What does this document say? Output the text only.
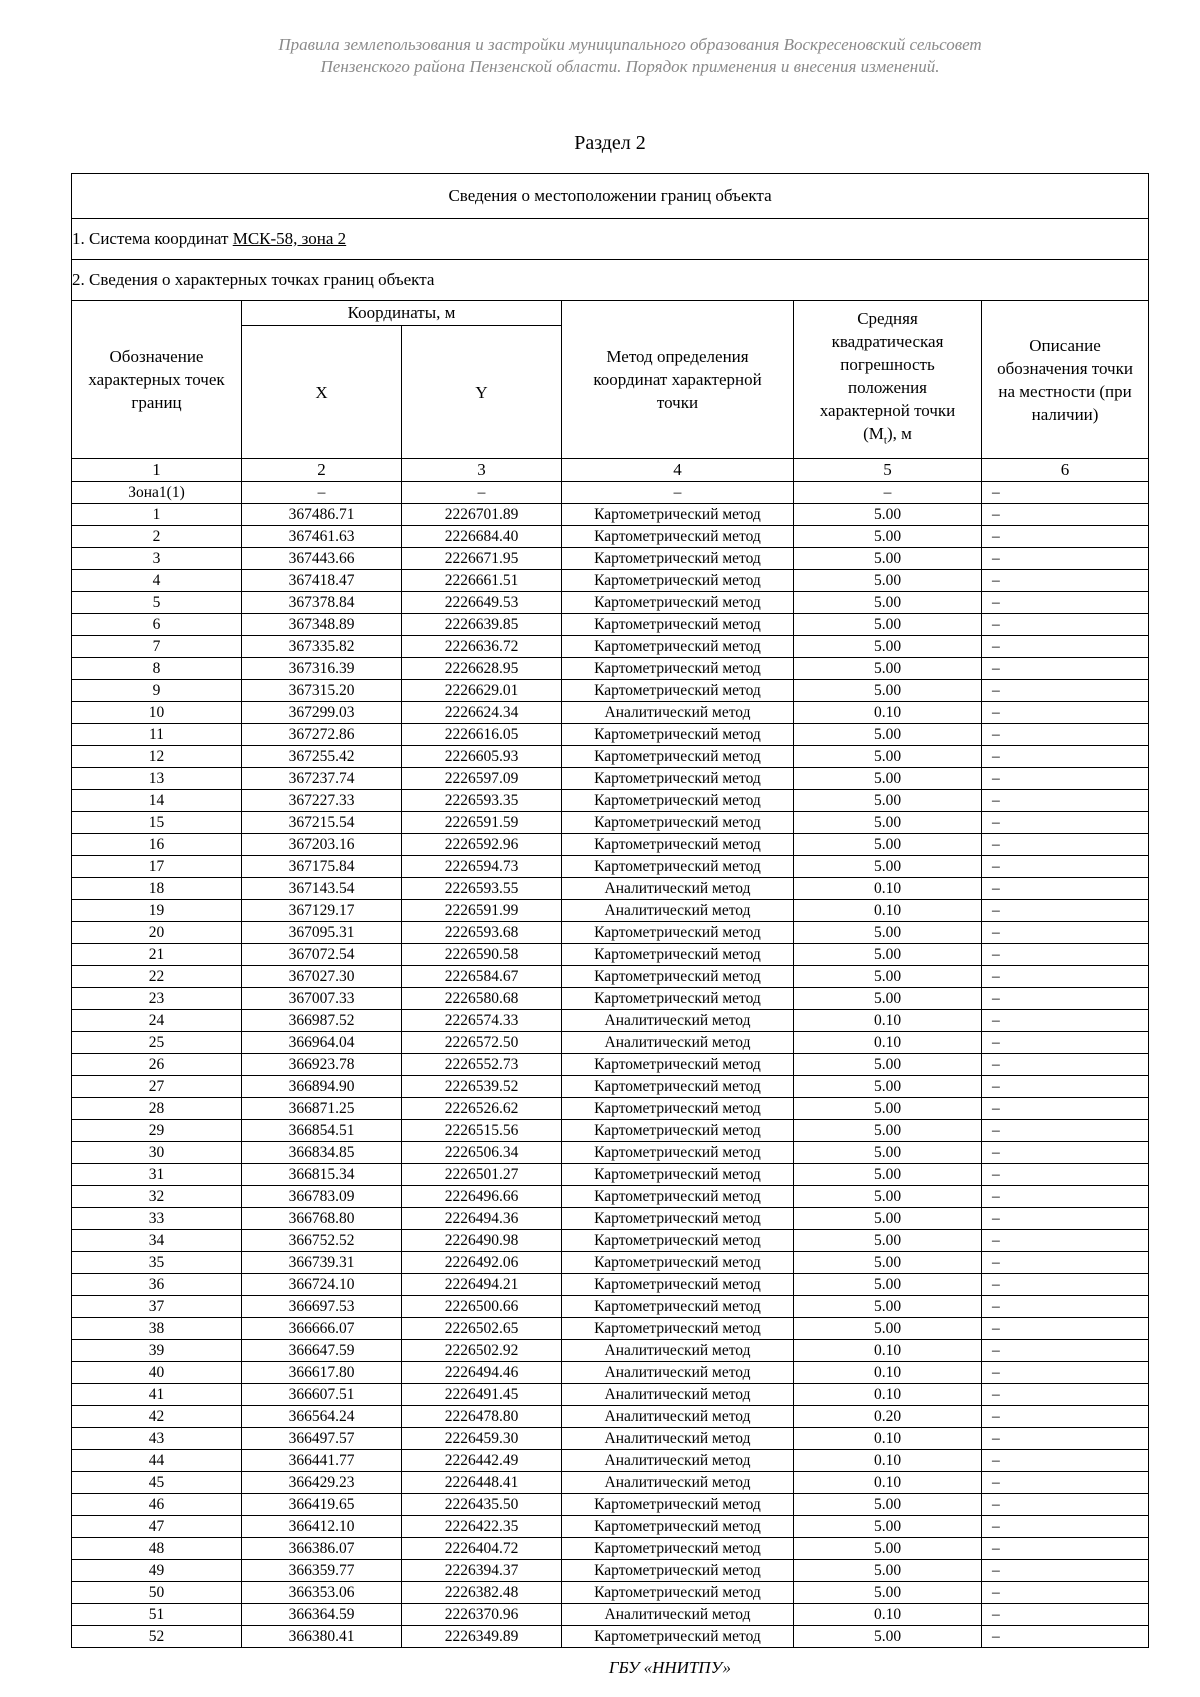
Правила землепользования и застройки муниципального образования Воскресеновский сельсовет
Пензенского района Пензенской области. Порядок применения и внесения изменений.
Раздел 2
Сведения о местоположении границ объекта					
1. Система координат МСК-58, зона 2					
2. Сведения о характерных точках границ объекта					
Обозначение характерных точек границ	Координаты, м		Метод определения координат характерной точки	Средняя квадратическая погрешность положения характерной точки $(M_t)$, м	Описание обозначения точки на местности (при наличии)
	X	Y			
1	2	3	4	5	6
Зона1(1)	–	–	–	–	–
1	367486.71	2226701.89	Картометрический метод	5.00	–
2	367461.63	2226684.40	Картометрический метод	5.00	–
3	367443.66	2226671.95	Картометрический метод	5.00	–
4	367418.47	2226661.51	Картометрический метод	5.00	–
5	367378.84	2226649.53	Картометрический метод	5.00	–
6	367348.89	2226639.85	Картометрический метод	5.00	–
7	367335.82	2226636.72	Картометрический метод	5.00	–
8	367316.39	2226628.95	Картометрический метод	5.00	–
9	367315.20	2226629.01	Картометрический метод	5.00	–
10	367299.03	2226624.34	Аналитический метод	0.10	–
11	367272.86	2226616.05	Картометрический метод	5.00	–
12	367255.42	2226605.93	Картометрический метод	5.00	–
13	367237.74	2226597.09	Картометрический метод	5.00	–
14	367227.33	2226593.35	Картометрический метод	5.00	–
15	367215.54	2226591.59	Картометрический метод	5.00	–
16	367203.16	2226592.96	Картометрический метод	5.00	–
17	367175.84	2226594.73	Картометрический метод	5.00	–
18	367143.54	2226593.55	Аналитический метод	0.10	–
19	367129.17	2226591.99	Аналитический метод	0.10	–
20	367095.31	2226593.68	Картометрический метод	5.00	–
21	367072.54	2226590.58	Картометрический метод	5.00	–
22	367027.30	2226584.67	Картометрический метод	5.00	–
23	367007.33	2226580.68	Картометрический метод	5.00	–
24	366987.52	2226574.33	Аналитический метод	0.10	–
25	366964.04	2226572.50	Аналитический метод	0.10	–
26	366923.78	2226552.73	Картометрический метод	5.00	–
27	366894.90	2226539.52	Картометрический метод	5.00	–
28	366871.25	2226526.62	Картометрический метод	5.00	–
29	366854.51	2226515.56	Картометрический метод	5.00	–
30	366834.85	2226506.34	Картометрический метод	5.00	–
31	366815.34	2226501.27	Картометрический метод	5.00	–
32	366783.09	2226496.66	Картометрический метод	5.00	–
33	366768.80	2226494.36	Картометрический метод	5.00	–
34	366752.52	2226490.98	Картометрический метод	5.00	–
35	366739.31	2226492.06	Картометрический метод	5.00	–
36	366724.10	2226494.21	Картометрический метод	5.00	–
37	366697.53	2226500.66	Картометрический метод	5.00	–
38	366666.07	2226502.65	Картометрический метод	5.00	–
39	366647.59	2226502.92	Аналитический метод	0.10	–
40	366617.80	2226494.46	Аналитический метод	0.10	–
41	366607.51	2226491.45	Аналитический метод	0.10	–
42	366564.24	2226478.80	Аналитический метод	0.20	–
43	366497.57	2226459.30	Аналитический метод	0.10	–
44	366441.77	2226442.49	Аналитический метод	0.10	–
45	366429.23	2226448.41	Аналитический метод	0.10	–
46	366419.65	2226435.50	Картометрический метод	5.00	–
47	366412.10	2226422.35	Картометрический метод	5.00	–
48	366386.07	2226404.72	Картометрический метод	5.00	–
49	366359.77	2226394.37	Картометрический метод	5.00	–
50	366353.06	2226382.48	Картометрический метод	5.00	–
51	366364.59	2226370.96	Аналитический метод	0.10	–
52	366380.41	2226349.89	Картометрический метод	5.00	–
ГБУ «ННИТПУ»
